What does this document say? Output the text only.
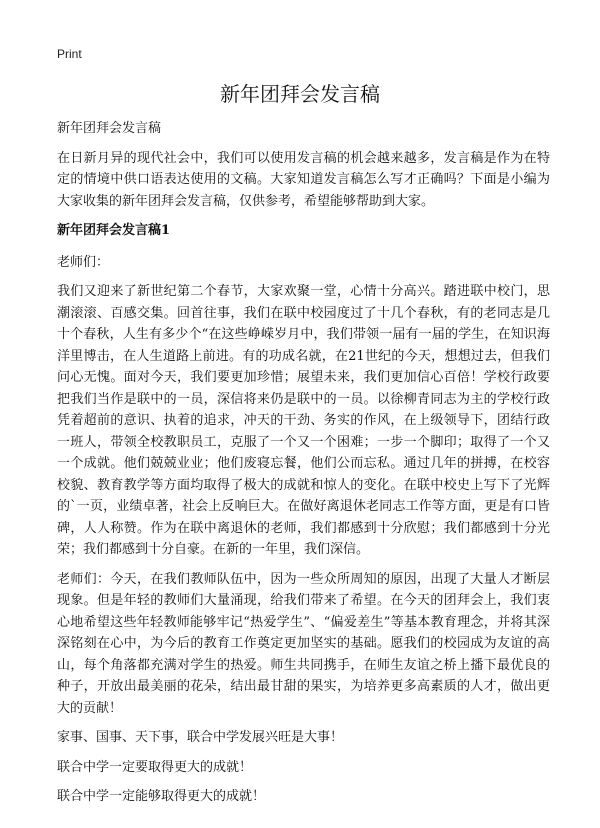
Print
新年团拜会发言稿

新年团拜会发言稿

在日新月异的现代社会中，我们可以使用发言稿的机会越来越多，发言稿是作为在特定的情境中供口语表达使用的文稿。大家知道发言稿怎么写才正确吗？下面是小编为大家收集的新年团拜会发言稿，仅供参考，希望能够帮助到大家。

新年团拜会发言稿1

老师们：

我们又迎来了新世纪第二个春节，大家欢聚一堂，心情十分高兴。踏进联中校门，思潮滚滚、百感交集。回首往事，我们在联中校园度过了十几个春秋，有的老同志是几十个春秋，人生有多少个“在这些峥嵘岁月中，我们带领一届有一届的学生，在知识海洋里博击，在人生道路上前进。有的功成名就，在21世纪的今天，想想过去，但我们问心无愧。面对今天，我们要更加珍惜；展望未来，我们更加信心百倍！学校行政要把我们当作是联中的一员，深信将来仍是联中的一员。以徐柳青同志为主的学校行政凭着超前的意识、执着的追求，冲天的干劲、务实的作风，在上级领导下，团结行政一班人，带领全校教职员工，克服了一个又一个困难；一步一个脚印；取得了一个又一个成就。他们兢兢业业；他们废寝忘餐，他们公而忘私。通过几年的拼搏，在校容校貌、教育教学等方面均取得了极大的成就和惊人的变化。在联中校史上写下了光辉的`一页，业绩卓著，社会上反响巨大。在做好离退休老同志工作等方面，更是有口皆碑，人人称赞。作为在联中离退休的老师，我们都感到十分欣慰；我们都感到十分光荣；我们都感到十分自豪。在新的一年里，我们深信。

老师们：今天，在我们教师队伍中，因为一些众所周知的原因，出现了大量人才断层现象。但是年轻的教师们大量涌现，给我们带来了希望。在今天的团拜会上，我们衷心地希望这些年轻教师能够牢记“热爱学生”、“偏爱差生”等基本教育理念，并将其深深铭刻在心中，为今后的教育工作奠定更加坚实的基础。愿我们的校园成为友谊的高山，每个角落都充满对学生的热爱。师生共同携手，在师生友谊之桥上播下最优良的种子，开放出最美丽的花朵，结出最甘甜的果实，为培养更多高素质的人才，做出更大的贡献！

家事、国事、天下事，联合中学发展兴旺是大事！

联合中学一定要取得更大的成就！

联合中学一定能够取得更大的成就！
